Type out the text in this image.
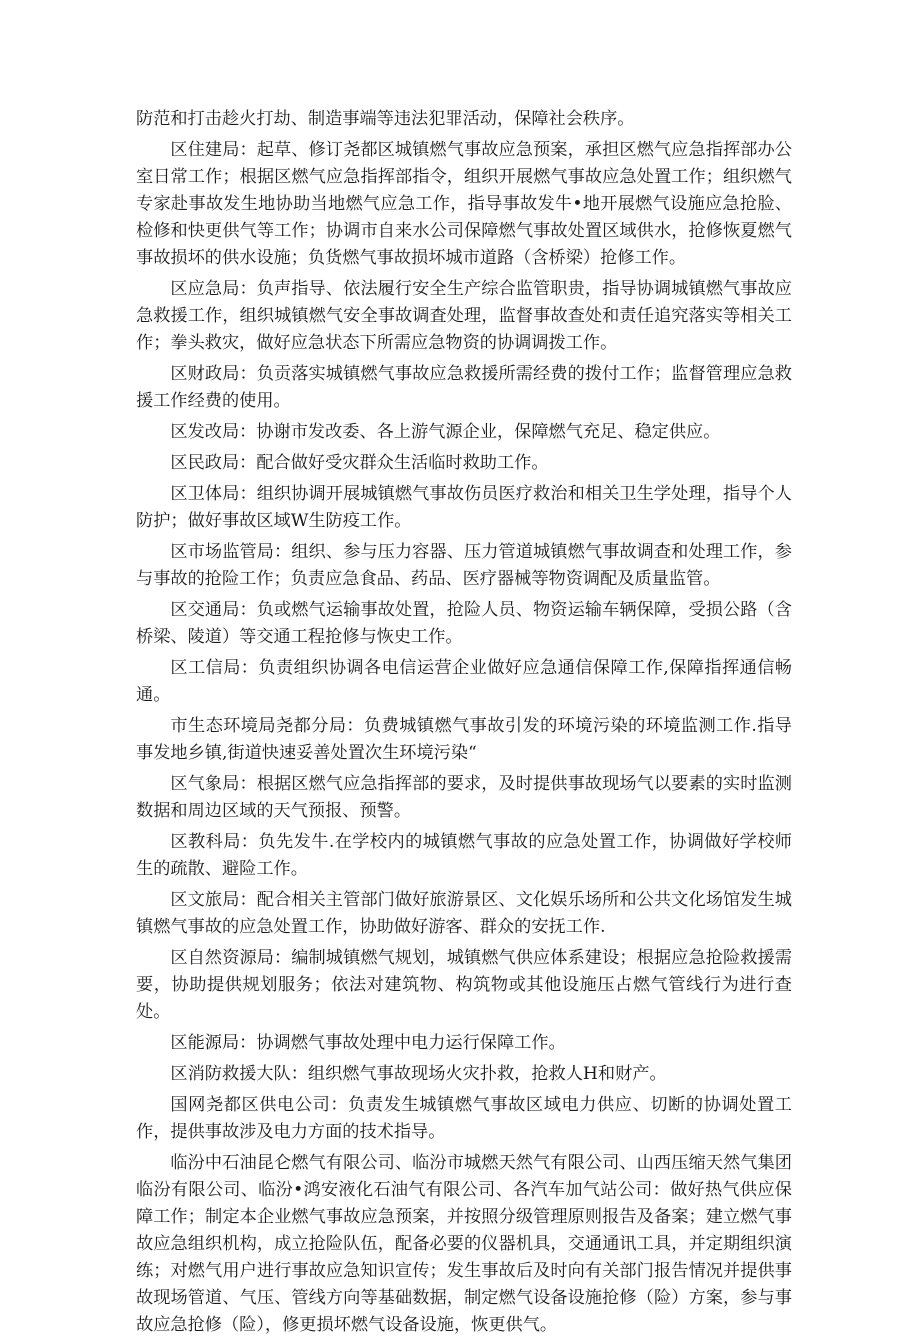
防范和打击趁火打劫、制造事端等违法犯罪活动，保障社会秩序。

区住建局：起草、修订尧都区城镇燃气事故应急预案，承担区燃气应急指挥部办公室日常工作；根据区燃气应急指挥部指令，组织开展燃气事故应急处置工作；组织燃气专家赴事故发生地协助当地燃气应急工作，指导事故发牛•地开展燃气设施应急抢脸、检修和快更供气等工作；协调市自来水公司保障燃气事故处置区域供水，抢修恢夏燃气事故损坏的供水设施；负货燃气事故损坏城市道路（含桥梁）抢修工作。

区应急局：负声指导、依法履行安全生产综合监管职贵，指导协调城镇燃气事故应急救援工作，组织城镇燃气安全事故调査处理，监督事故查处和责任追究落实等相关工作；拳头救灾，做好应急状态下所需应急物资的协调调拨工作。

区财政局：负贡落实城镇燃气事故应急救援所需经费的拨付工作；监督管理应急救援工作经费的使用。

区发改局：协谢市发改委、各上游气源企业，保障燃气充足、稳定供应。

区民政局：配合做好受灾群众生活临时救助工作。

区卫体局：组织协调开展城镇燃气事故伤员医疗救治和相关卫生学处理，指导个人防护；做好事故区域W生防疫工作。

区市场监管局：组织、参与压力容器、压力管道城镇燃气事故调查和处理工作，参与事故的抢险工作；负责应急食品、药品、医疗器械等物资调配及质量监管。

区交通局：负或燃气运输事故处置，抢险人员、物资运输车辆保障，受损公路（含桥梁、陵道）等交通工程抢修与恢史工作。

区工信局：负责组织协调各电信运营企业做好应急通信保障工作,保障指挥通信畅通。

市生态环境局尧都分局：负费城镇燃气事故引发的环境污染的环境监测工作.指导事发地乡镇,街道快速妥善处置次生环境污染“

区气象局：根据区燃气应急指挥部的要求，及时提供事故现场气以要素的实时监测数据和周边区域的天气预报、预警。

区教科局：负先发牛.在学校内的城镇燃气事故的应急处置工作，协调做好学校师生的疏散、避险工作。

区文旅局：配合相关主管部门做好旅游景区、文化娱乐场所和公共文化场馆发生城镇燃气事故的应急处置工作，协助做好游客、群众的安抚工作.

区自然资源局：编制城镇燃气规划，城镇燃气供应体系建设；根据应急抢险救援需要，协助提供规划服务；依法对建筑物、构筑物或其他设施压占燃气管线行为进行查处。

区能源局：协调燃气事故处理中电力运行保障工作。

区消防救援大队：组织燃气事故现场火灾扑救，抢救人H和财产。

国网尧都区供电公司：负责发生城镇燃气事故区域电力供应、切断的协调处置工作，提供事故涉及电力方面的技术指导。

临汾中石油昆仑燃气有限公司、临汾市城燃天然气有限公司、山西压缩天然气集团临汾有限公司、临汾•鸿安液化石油气有限公司、各汽车加气站公司：做好热气供应保障工作；制定本企业燃气事故应急预案，并按照分级管理原则报告及备案；建立燃气事故应急组织机构，成立抢险队伍，配备必要的仪器机具，交通通讯工具，并定期组织演练；对燃气用户进行事故应急知识宣传；发生事故后及时向有关部门报告情况并提供事故现场管道、气压、管线方向等基础数据，制定燃气设备设施抢修（险）方案，参与事故应急抢修（险），修更损坏燃气设备设施，恢更供气。
